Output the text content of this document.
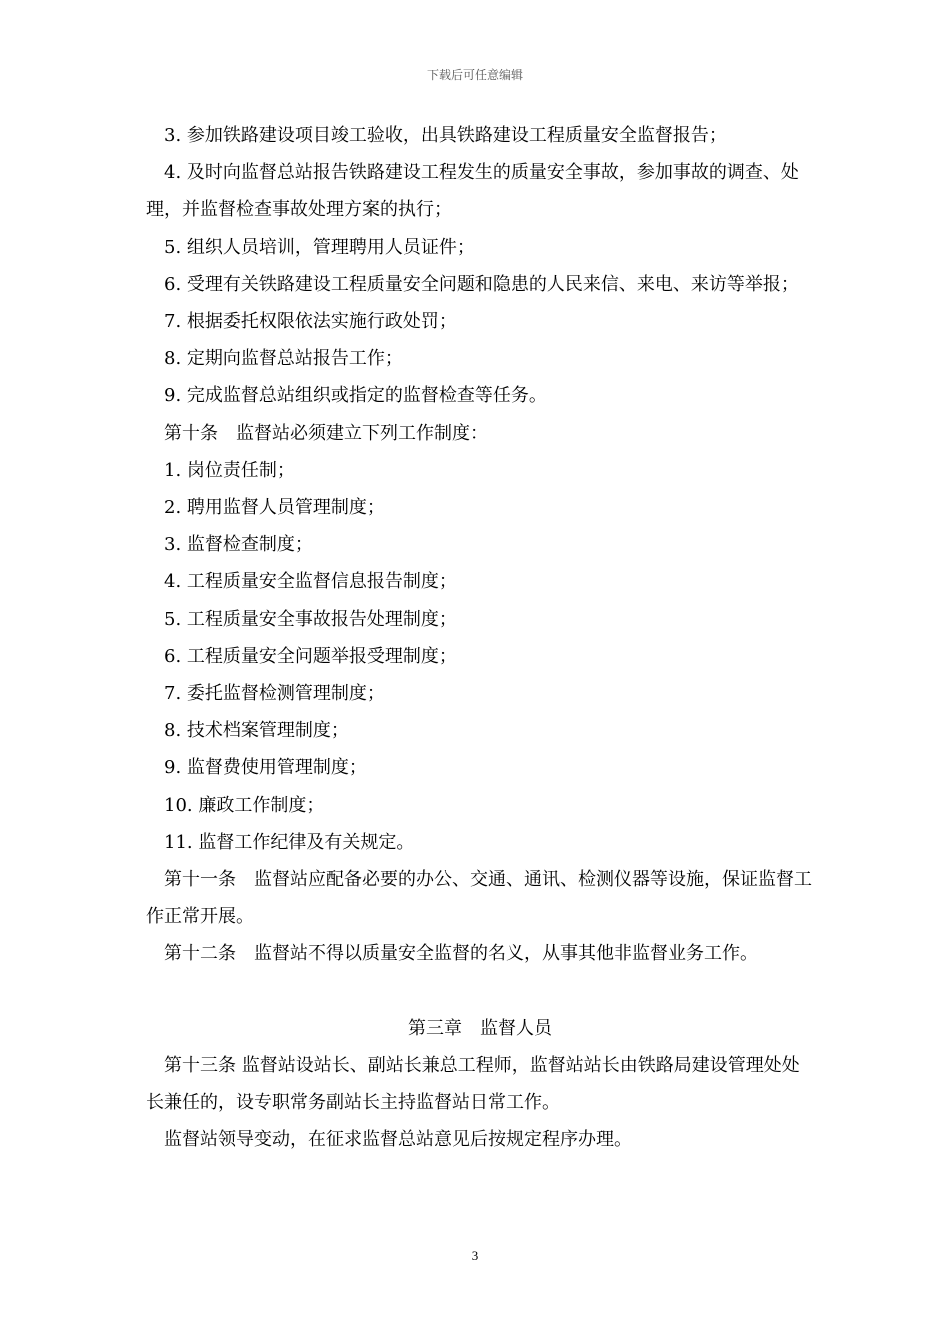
下载后可任意编辑

3. 参加铁路建设项目竣工验收，出具铁路建设工程质量安全监督报告；

4. 及时向监督总站报告铁路建设工程发生的质量安全事故，参加事故的调查、处理，并监督检查事故处理方案的执行；

5. 组织人员培训，管理聘用人员证件；

6. 受理有关铁路建设工程质量安全问题和隐患的人民来信、来电、来访等举报；

7. 根据委托权限依法实施行政处罚；

8. 定期向监督总站报告工作；

9. 完成监督总站组织或指定的监督检查等任务。

第十条　监督站必须建立下列工作制度：

1. 岗位责任制；

2. 聘用监督人员管理制度；

3. 监督检查制度；

4. 工程质量安全监督信息报告制度；

5. 工程质量安全事故报告处理制度；

6. 工程质量安全问题举报受理制度；

7. 委托监督检测管理制度；

8. 技术档案管理制度；

9. 监督费使用管理制度；

10. 廉政工作制度；

11. 监督工作纪律及有关规定。

第十一条　监督站应配备必要的办公、交通、通讯、检测仪器等设施，保证监督工作正常开展。

第十二条　监督站不得以质量安全监督的名义，从事其他非监督业务工作。

第三章　监督人员

第十三条 监督站设站长、副站长兼总工程师，监督站站长由铁路局建设管理处处长兼任的，设专职常务副站长主持监督站日常工作。

监督站领导变动，在征求监督总站意见后按规定程序办理。

3
